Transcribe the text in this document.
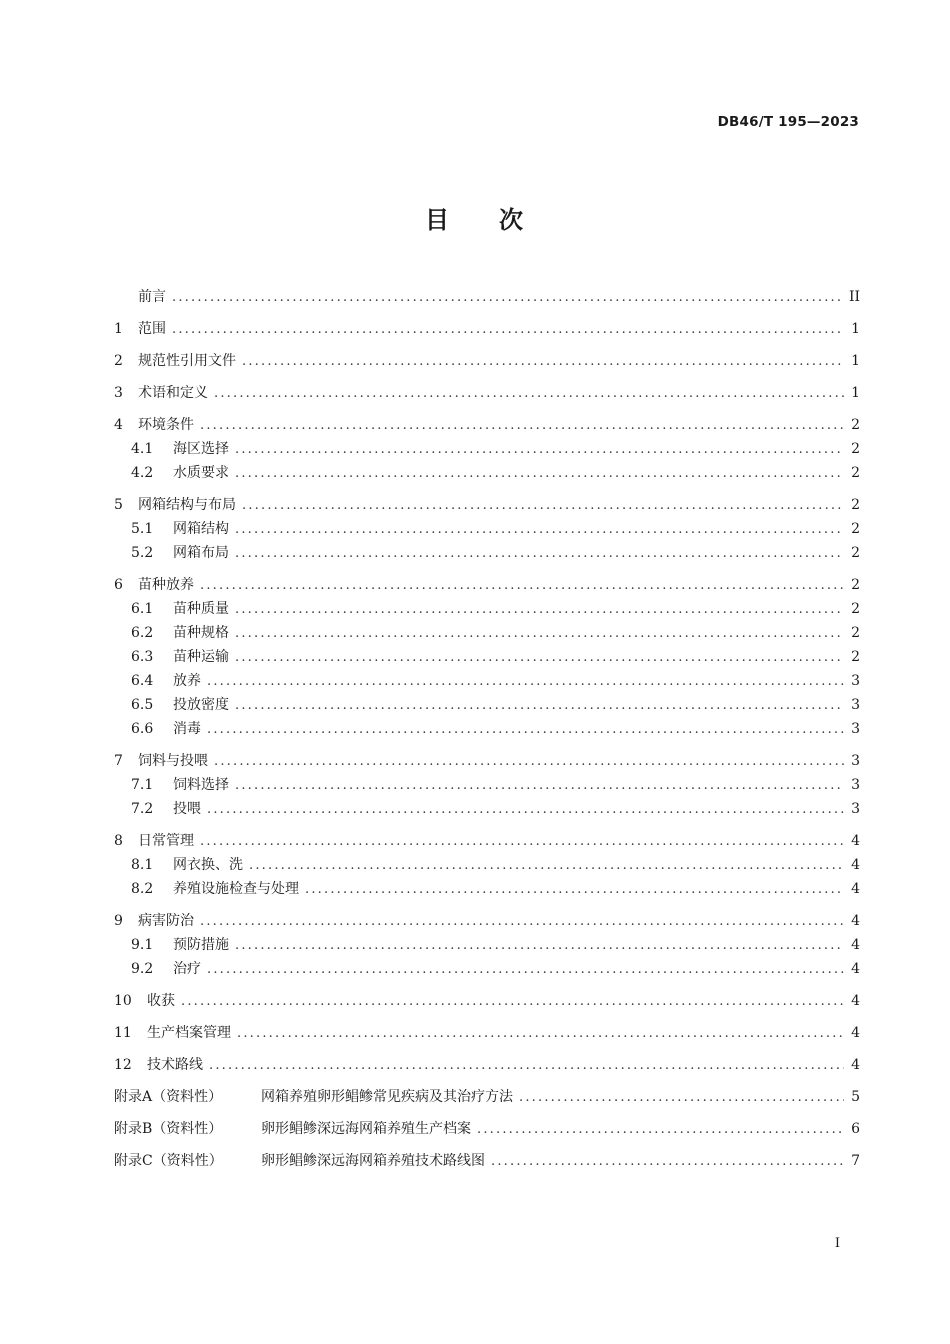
DB46/T 195—2023
目 次
前言 .....	II
1	范围 .....	1
2	规范性引用文件 .....	1
3	术语和定义 .....	1
4	环境条件 .....	2
4.1	海区选择 .....	2
4.2	水质要求 .....	2
5	网箱结构与布局 .....	2
5.1	网箱结构 .....	2
5.2	网箱布局 .....	2
6	苗种放养 .....	2
6.1	苗种质量 .....	2
6.2	苗种规格 .....	2
6.3	苗种运输 .....	2
6.4	放养 .....	3
6.5	投放密度 .....	3
6.6	消毒 .....	3
7	饲料与投喂 .....	3
7.1	饲料选择 .....	3
7.2	投喂 .....	3
8	日常管理 .....	4
8.1	网衣换、洗 .....	4
8.2	养殖设施检查与处理 .....	4
9	病害防治 .....	4
9.1	预防措施 .....	4
9.2	治疗 .....	4
10	收获 .....	4
11	生产档案管理 .....	4
12	技术路线 .....	4
附录A（资料性）	网箱养殖卵形鲳鲹常见疾病及其治疗方法 .....	5
附录B（资料性）	卵形鲳鲹深远海网箱养殖生产档案 .....	6
附录C（资料性）	卵形鲳鲹深远海网箱养殖技术路线图 .....	7
I
